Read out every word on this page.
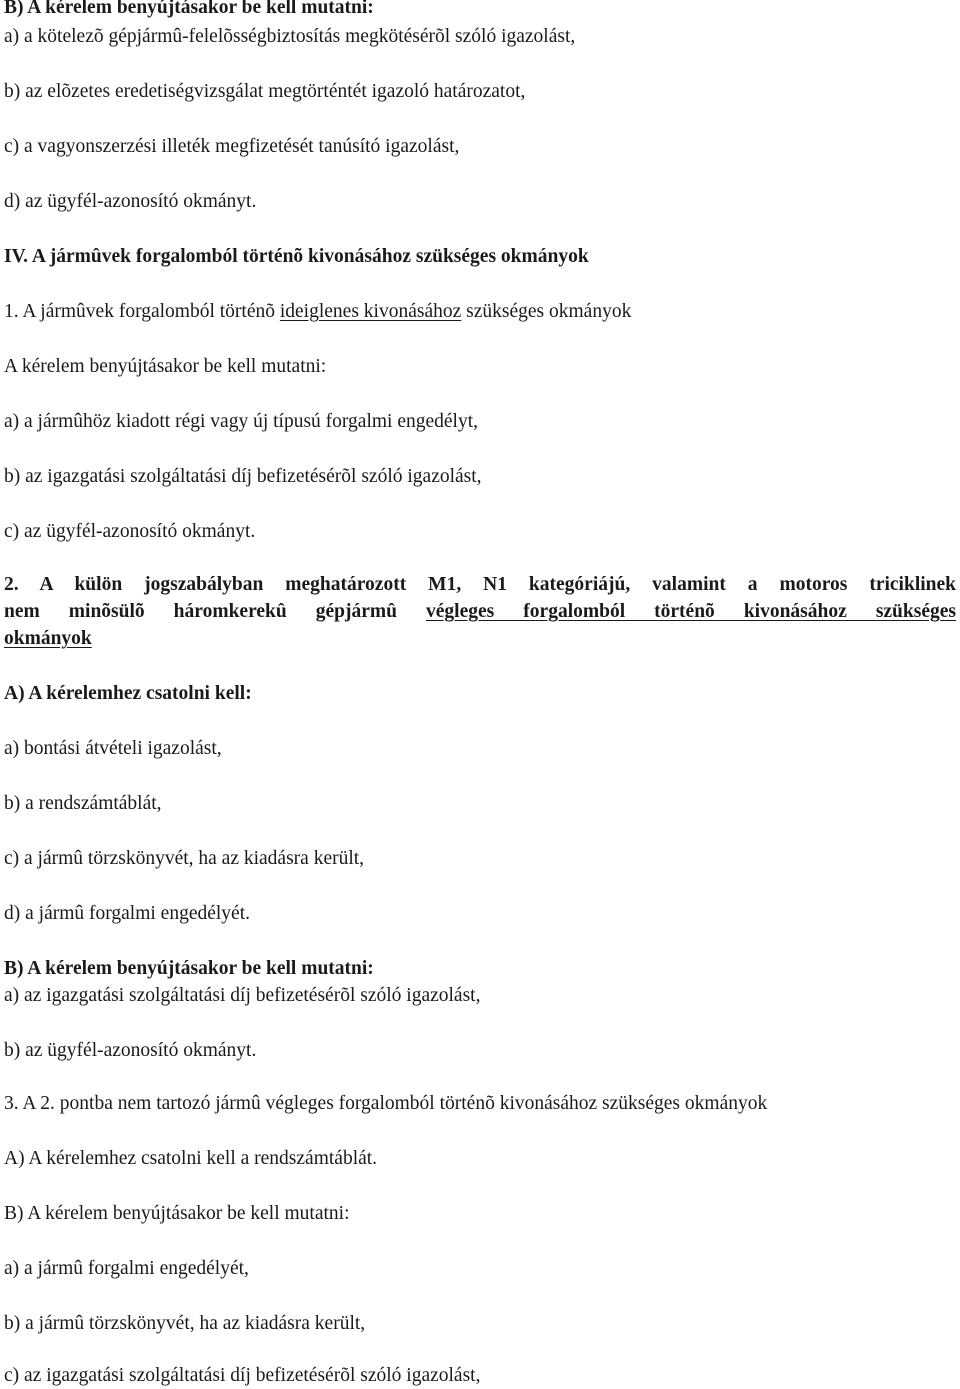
B) A kérelem benyújtásakor be kell mutatni:
a) a kötelezõ gépjármû-felelõsségbiztosítás megkötésérõl szóló igazolást,
b) az elõzetes eredetiségvizsgálat megtörténtét igazoló határozatot,
c) a vagyonszerzési illeték megfizetését tanúsító igazolást,
d) az ügyfél-azonosító okmányt.
IV. A jármûvek forgalomból történõ kivonásához szükséges okmányok
1. A jármûvek forgalomból történõ ideiglenes kivonásához szükséges okmányok
A kérelem benyújtásakor be kell mutatni:
a) a jármûhöz kiadott régi vagy új típusú forgalmi engedélyt,
b) az igazgatási szolgáltatási díj befizetésérõl szóló igazolást,
c) az ügyfél-azonosító okmányt.
2. A külön jogszabályban meghatározott M1, N1 kategóriájú, valamint a motoros triciklinek
nem minõsülõ háromkerekû gépjármû végleges forgalomból történõ kivonásához szükséges
okmányok
A) A kérelemhez csatolni kell:
a) bontási átvételi igazolást,
b) a rendszámtáblát,
c) a jármû törzskönyvét, ha az kiadásra került,
d) a jármû forgalmi engedélyét.
B) A kérelem benyújtásakor be kell mutatni:
a) az igazgatási szolgáltatási díj befizetésérõl szóló igazolást,
b) az ügyfél-azonosító okmányt.
3. A 2. pontba nem tartozó jármû végleges forgalomból történõ kivonásához szükséges okmányok
A) A kérelemhez csatolni kell a rendszámtáblát.
B) A kérelem benyújtásakor be kell mutatni:
a) a jármû forgalmi engedélyét,
b) a jármû törzskönyvét, ha az kiadásra került,
c) az igazgatási szolgáltatási díj befizetésérõl szóló igazolást,
